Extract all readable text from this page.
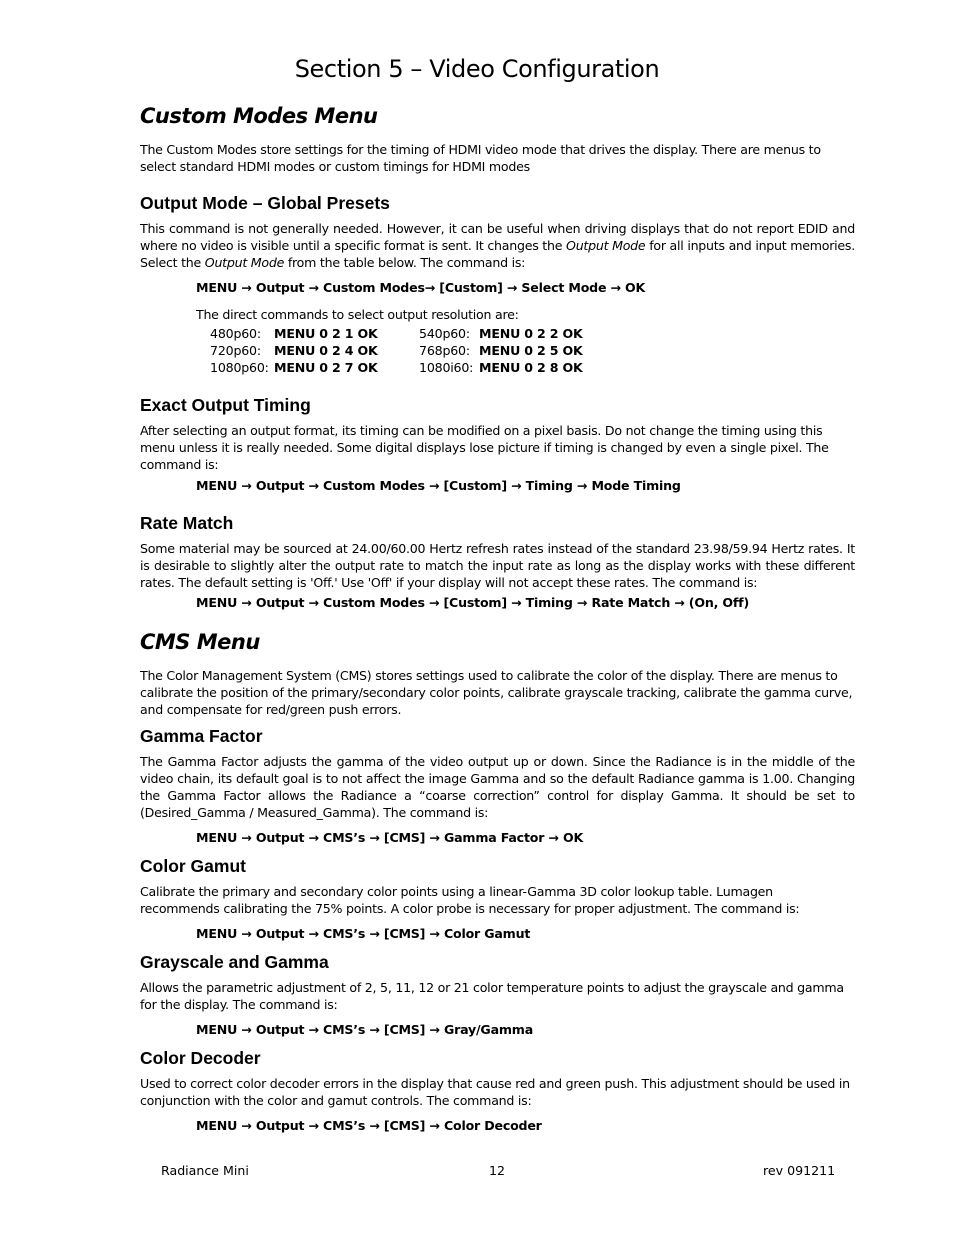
Section 5 – Video Configuration
Custom Modes Menu
The Custom Modes store settings for the timing of HDMI video mode that drives the display. There are menus to select standard HDMI modes or custom timings for HDMI modes
Output Mode – Global Presets

This command is not generally needed. However, it can be useful when driving displays that do not report EDID and where no video is visible until a specific format is sent. It changes the Output Mode for all inputs and input memories. Select the Output Mode from the table below. The command is:

MENU → Output → Custom Modes→ [Custom] → Select Mode → OK
The direct commands to select output resolution are:
480p60: MENU 0 2 1 OK	540p60: MENU 0 2 2 OK
720p60: MENU 0 2 4 OK	768p60: MENU 0 2 5 OK
1080p60: MENU 0 2 7 OK	1080i60: MENU 0 2 8 OK
Exact Output Timing
After selecting an output format, its timing can be modified on a pixel basis. Do not change the timing using this menu unless it is really needed. Some digital displays lose picture if timing is changed by even a single pixel. The command is:
MENU → Output → Custom Modes → [Custom] → Timing → Mode Timing
Rate Match

Some material may be sourced at 24.00/60.00 Hertz refresh rates instead of the standard 23.98/59.94 Hertz rates. It is desirable to slightly alter the output rate to match the input rate as long as the display works with these different rates. The default setting is 'Off.' Use 'Off' if your display will not accept these rates. The command is:

MENU → Output → Custom Modes → [Custom] → Timing → Rate Match → (On, Off)
CMS Menu
The Color Management System (CMS) stores settings used to calibrate the color of the display. There are menus to calibrate the position of the primary/secondary color points, calibrate grayscale tracking, calibrate the gamma curve, and compensate for red/green push errors.
Gamma Factor

The Gamma Factor adjusts the gamma of the video output up or down. Since the Radiance is in the middle of the video chain, its default goal is to not affect the image Gamma and so the default Radiance gamma is 1.00. Changing the Gamma Factor allows the Radiance a “coarse correction” control for display Gamma. It should be set to (Desired_Gamma / Measured_Gamma). The command is:

MENU → Output → CMS’s → [CMS] → Gamma Factor → OK
Color Gamut
Calibrate the primary and secondary color points using a linear-Gamma 3D color lookup table. Lumagen recommends calibrating the 75% points. A color probe is necessary for proper adjustment. The command is:
MENU → Output → CMS’s → [CMS] → Color Gamut
Grayscale and Gamma
Allows the parametric adjustment of 2, 5, 11, 12 or 21 color temperature points to adjust the grayscale and gamma for the display. The command is:
MENU → Output → CMS’s → [CMS] → Gray/Gamma
Color Decoder
Used to correct color decoder errors in the display that cause red and green push. This adjustment should be used in conjunction with the color and gamut controls. The command is:
MENU → Output → CMS’s → [CMS] → Color Decoder
Radiance Mini	12	rev 091211
